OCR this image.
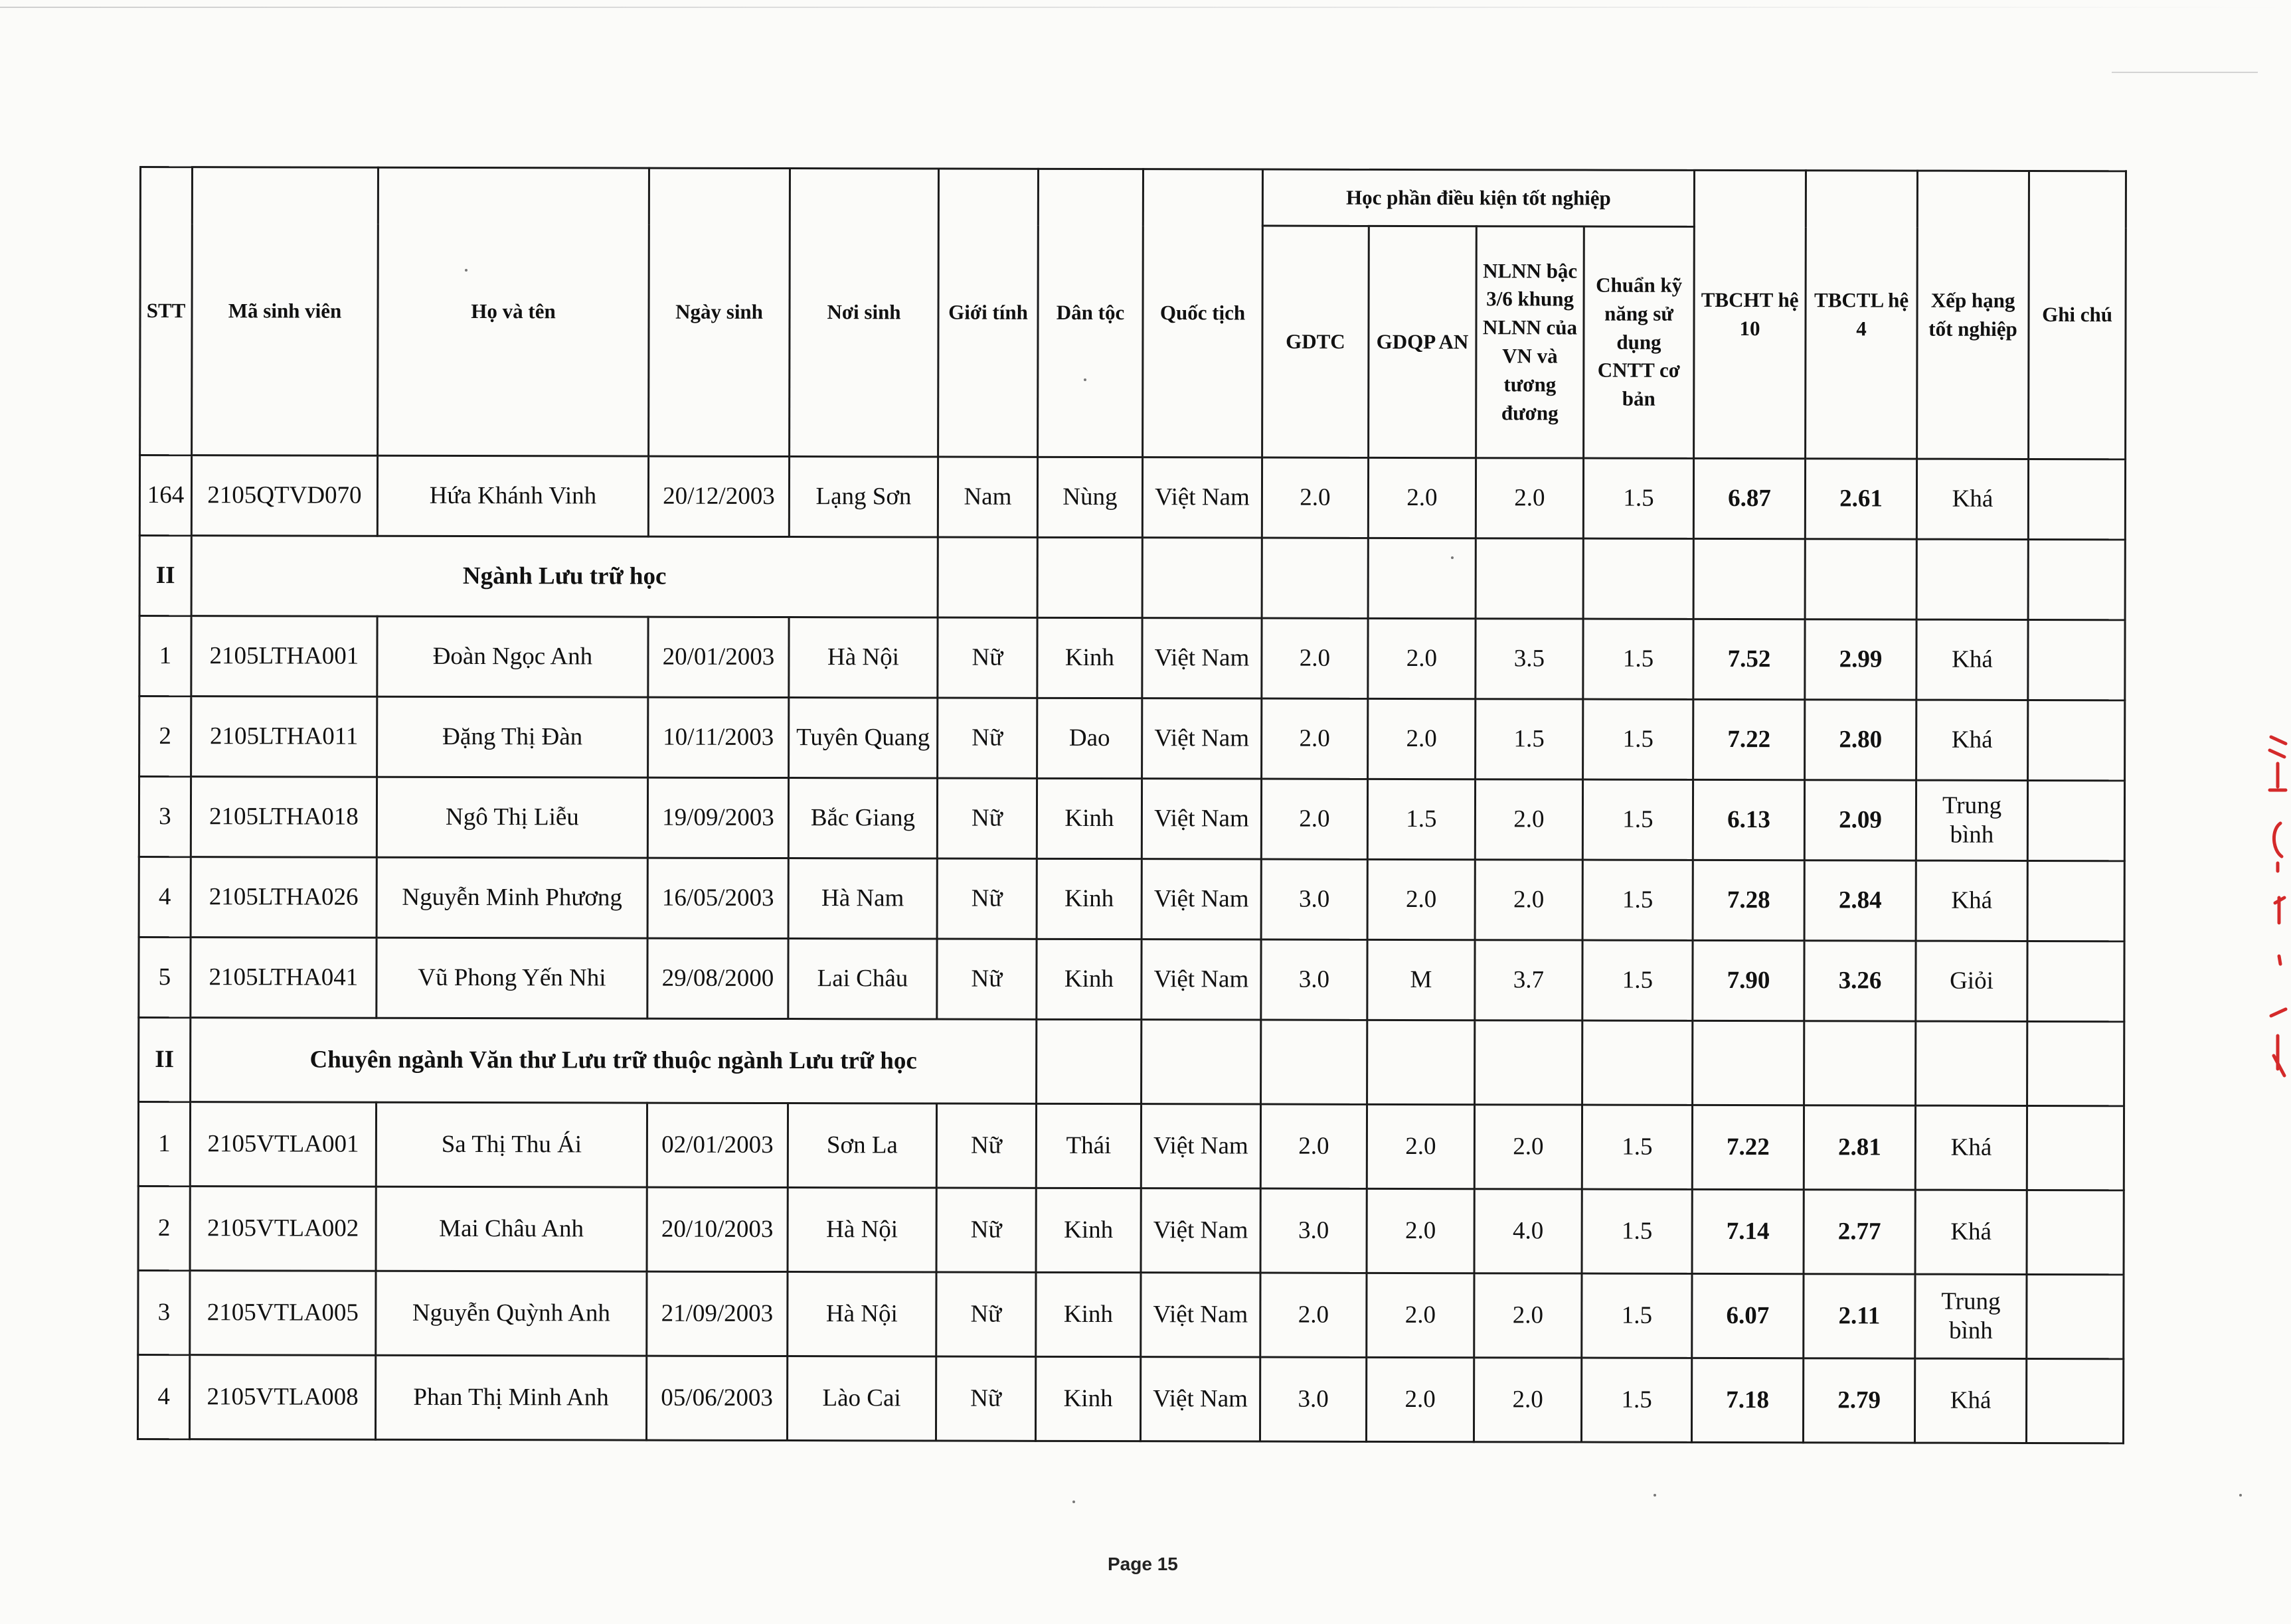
STT	Mã sinh viên	Họ và tên	Ngày sinh	Nơi sinh	Giới tính	Dân tộc	Quốc tịch	Học phần điều kiện tốt nghiệp				TBCHT hệ 10	TBCTL hệ 4	Xếp hạng tốt nghiệp	Ghi chú
								GDTC	GDQP AN	NLNN bậc 3/6 khung NLNN của VN và tương đương	Chuẩn kỹ năng sử dụng CNTT cơ bản				
164	2105QTVD070	Hứa Khánh Vinh	20/12/2003	Lạng Sơn	Nam	Nùng	Việt Nam	2.0	2.0	2.0	1.5	6.87	2.61	Khá	
II	Ngành Lưu trữ học														
1	2105LTHA001	Đoàn Ngọc Anh	20/01/2003	Hà Nội	Nữ	Kinh	Việt Nam	2.0	2.0	3.5	1.5	7.52	2.99	Khá	
2	2105LTHA011	Đặng Thị Đàn	10/11/2003	Tuyên Quang	Nữ	Dao	Việt Nam	2.0	2.0	1.5	1.5	7.22	2.80	Khá	
3	2105LTHA018	Ngô Thị Liễu	19/09/2003	Bắc Giang	Nữ	Kinh	Việt Nam	2.0	1.5	2.0	1.5	6.13	2.09	Trung bình	
4	2105LTHA026	Nguyễn Minh Phương	16/05/2003	Hà Nam	Nữ	Kinh	Việt Nam	3.0	2.0	2.0	1.5	7.28	2.84	Khá	
5	2105LTHA041	Vũ Phong Yến Nhi	29/08/2000	Lai Châu	Nữ	Kinh	Việt Nam	3.0	M	3.7	1.5	7.90	3.26	Giỏi	
II	Chuyên ngành Văn thư Lưu trữ thuộc ngành Lưu trữ học														
1	2105VTLA001	Sa Thị Thu Ái	02/01/2003	Sơn La	Nữ	Thái	Việt Nam	2.0	2.0	2.0	1.5	7.22	2.81	Khá	
2	2105VTLA002	Mai Châu Anh	20/10/2003	Hà Nội	Nữ	Kinh	Việt Nam	3.0	2.0	4.0	1.5	7.14	2.77	Khá	
3	2105VTLA005	Nguyễn Quỳnh Anh	21/09/2003	Hà Nội	Nữ	Kinh	Việt Nam	2.0	2.0	2.0	1.5	6.07	2.11	Trung bình	
4	2105VTLA008	Phan Thị Minh Anh	05/06/2003	Lào Cai	Nữ	Kinh	Việt Nam	3.0	2.0	2.0	1.5	7.18	2.79	Khá	
Page 15
